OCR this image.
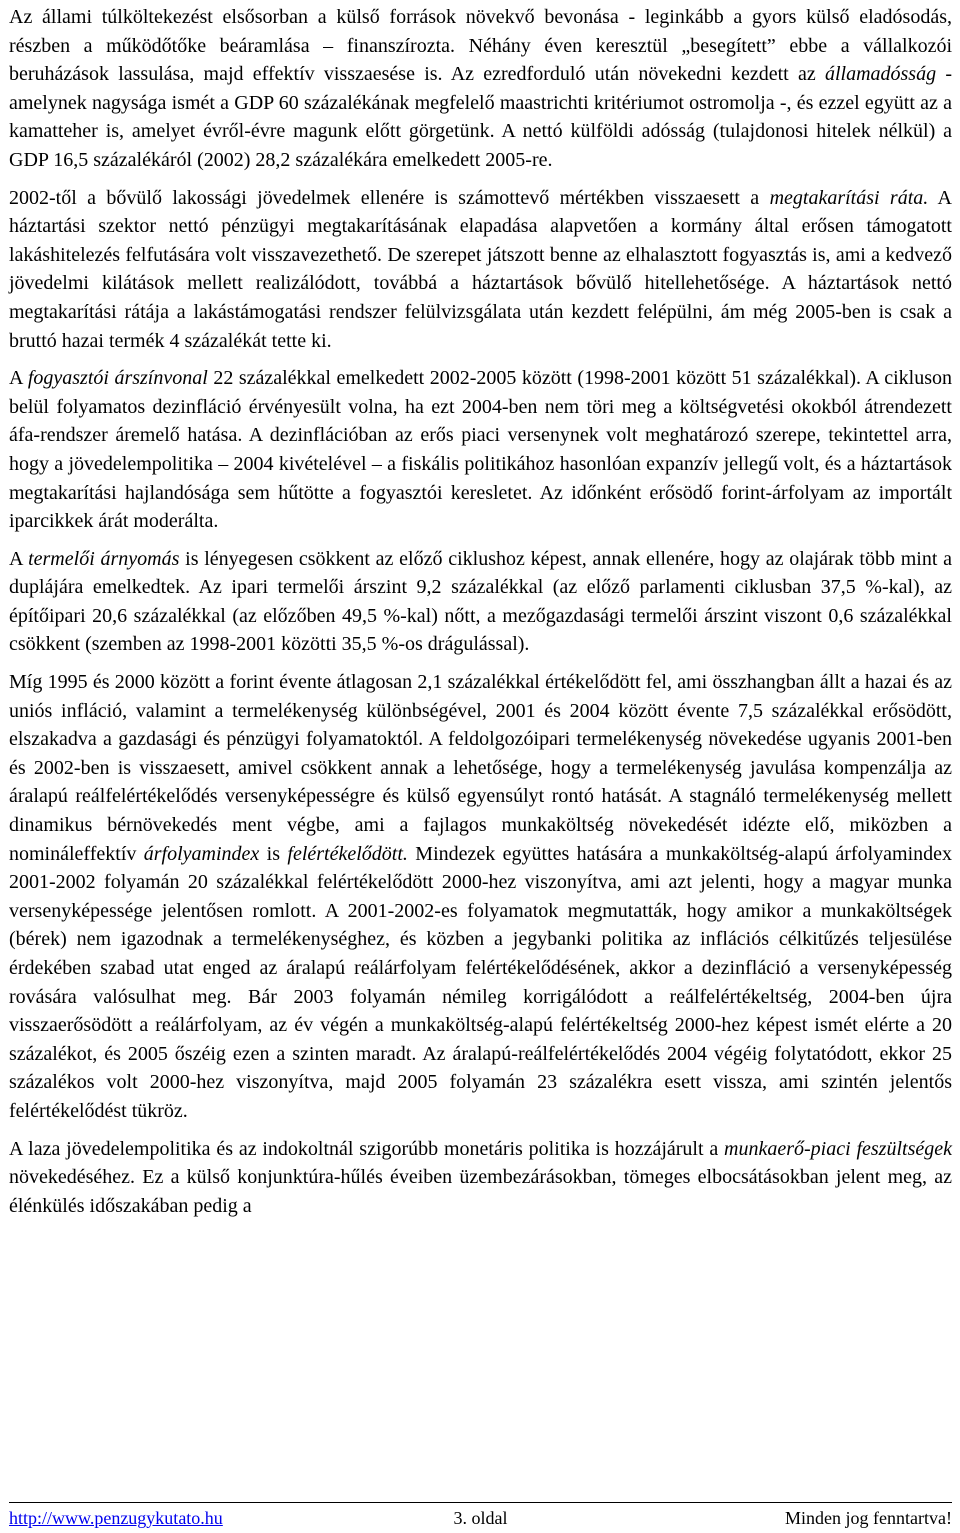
Az állami túlköltekezést elsősorban a külső források növekvő bevonása - leginkább a gyors külső eladósodás, részben a működőtőke beáramlása – finanszírozta. Néhány éven keresztül „besegített” ebbe a vállalkozói beruházások lassulása, majd effektív visszaesése is. Az ezredforduló után növekedni kezdett az államadósság - amelynek nagysága ismét a GDP 60 százalékának megfelelő maastrichti kritériumot ostromolja -, és ezzel együtt az a kamatteher is, amelyet évről-évre magunk előtt görgetünk. A nettó külföldi adósság (tulajdonosi hitelek nélkül) a GDP 16,5 százalékáról (2002) 28,2 százalékára emelkedett 2005-re.

2002-től a bővülő lakossági jövedelmek ellenére is számottevő mértékben visszaesett a megtakarítási ráta. A háztartási szektor nettó pénzügyi megtakarításának elapadása alapvetően a kormány által erősen támogatott lakáshitelezés felfutására volt visszavezethető. De szerepet játszott benne az elhalasztott fogyasztás is, ami a kedvező jövedelmi kilátások mellett realizálódott, továbbá a háztartások bővülő hitellehetősége. A háztartások nettó megtakarítási rátája a lakástámogatási rendszer felülvizsgálata után kezdett felépülni, ám még 2005-ben is csak a bruttó hazai termék 4 százalékát tette ki.

A fogyasztói árszínvonal 22 százalékkal emelkedett 2002-2005 között (1998-2001 között 51 százalékkal). A cikluson belül folyamatos dezinfláció érvényesült volna, ha ezt 2004-ben nem töri meg a költségvetési okokból átrendezett áfa-rendszer áremelő hatása. A dezinflációban az erős piaci versenynek volt meghatározó szerepe, tekintettel arra, hogy a jövedelempolitika – 2004 kivételével – a fiskális politikához hasonlóan expanzív jellegű volt, és a háztartások megtakarítási hajlandósága sem hűtötte a fogyasztói keresletet. Az időnként erősödő forint-árfolyam az importált iparcikkek árát moderálta.

A termelői árnyomás is lényegesen csökkent az előző ciklushoz képest, annak ellenére, hogy az olajárak több mint a duplájára emelkedtek. Az ipari termelői árszint 9,2 százalékkal (az előző parlamenti ciklusban 37,5 %-kal), az építőipari 20,6 százalékkal (az előzőben 49,5 %-kal) nőtt, a mezőgazdasági termelői árszint viszont 0,6 százalékkal csökkent (szemben az 1998-2001 közötti 35,5 %-os drágulással).

Míg 1995 és 2000 között a forint évente átlagosan 2,1 százalékkal értékelődött fel, ami összhangban állt a hazai és az uniós infláció, valamint a termelékenység különbségével, 2001 és 2004 között évente 7,5 százalékkal erősödött, elszakadva a gazdasági és pénzügyi folyamatoktól. A feldolgozóipari termelékenység növekedése ugyanis 2001-ben és 2002-ben is visszaesett, amivel csökkent annak a lehetősége, hogy a termelékenység javulása kompenzálja az áralapú reálfelértékelődés versenyképességre és külső egyensúlyt rontó hatását. A stagnáló termelékenység mellett dinamikus bérnövekedés ment végbe, ami a fajlagos munkaköltség növekedését idézte elő, miközben a nominálеffektív árfolyamindex is felértékelődött. Mindezek együttes hatására a munkaköltség-alapú árfolyamindex 2001-2002 folyamán 20 százalékkal felértékelődött 2000-hez viszonyítva, ami azt jelenti, hogy a magyar munka versenyképessége jelentősen romlott. A 2001-2002-es folyamatok megmutatták, hogy amikor a munkaköltségek (bérek) nem igazodnak a termelékenységhez, és közben a jegybanki politika az inflációs célkitűzés teljesülése érdekében szabad utat enged az áralapú reálárfolyam felértékelődésének, akkor a dezinfláció a versenyképesség rovására valósulhat meg. Bár 2003 folyamán némileg korrigálódott a reálfelértékeltség, 2004-ben újra visszaerősödött a reálárfolyam, az év végén a munkaköltség-alapú felértékeltség 2000-hez képest ismét elérte a 20 százalékot, és 2005 őszéig ezen a szinten maradt. Az áralapú-reálfelértékelődés 2004 végéig folytatódott, ekkor 25 százalékos volt 2000-hez viszonyítva, majd 2005 folyamán 23 százalékra esett vissza, ami szintén jelentős felértékelődést tükröz.

A laza jövedelempolitika és az indokoltnál szigorúbb monetáris politika is hozzájárult a munkaerő-piaci feszültségek növekedéséhez. Ez a külső konjunktúra-hűlés éveiben üzembezárásokban, tömeges elbocsátásokban jelent meg, az élénkülés időszakában pedig a

http://www.penzugykutato.hu	3. oldal	Minden jog fenntartva!
